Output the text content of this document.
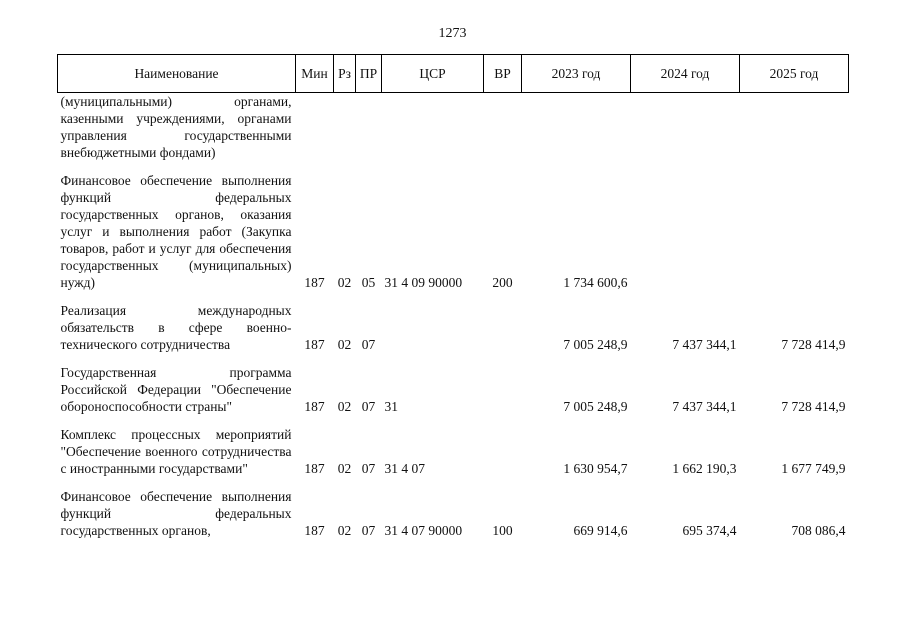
1273
Наименование	Мин	Рз	ПР	ЦСР	ВР	2023 год	2024 год	2025 год
(муниципальными) органами, казенными учреждениями, органами управления государственными внебюджетными фондами)								

Финансовое обеспечение выполнения функций федеральных государственных органов, оказания услуг и выполнения работ (Закупка товаров, работ и услуг для обеспечения государственных (муниципальных) нужд)	187	02	05	31 4 09 90000	200	1 734 600,6		

Реализация международных обязательств в сфере военно-технического сотрудничества	187	02	07			7 005 248,9	7 437 344,1	7 728 414,9

Государственная программа Российской Федерации "Обеспечение обороноспособности страны"	187	02	07	31		7 005 248,9	7 437 344,1	7 728 414,9

Комплекс процессных мероприятий "Обеспечение военного сотрудничества с иностранными государствами"	187	02	07	31 4 07		1 630 954,7	1 662 190,3	1 677 749,9

Финансовое обеспечение выполнения функций федеральных государственных органов,	187	02	07	31 4 07 90000	100	669 914,6	695 374,4	708 086,4
